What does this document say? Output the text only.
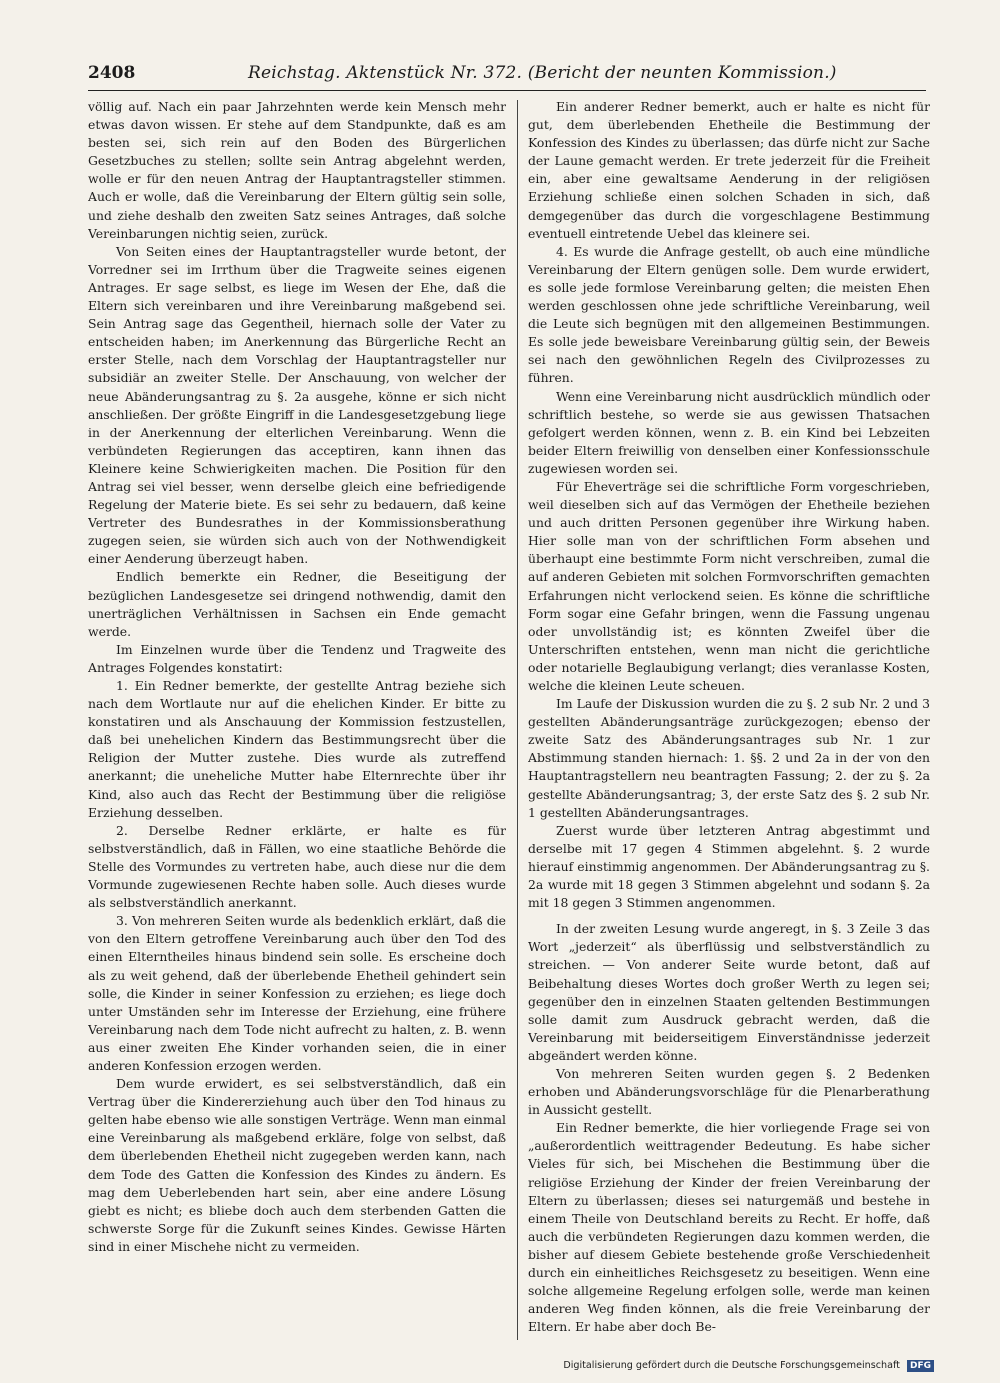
2408	Reichstag. Aktenstück Nr. 372. (Bericht der neunten Kommission.)

völlig auf. Nach ein paar Jahrzehnten werde kein Mensch mehr etwas davon wissen. Er stehe auf dem Standpunkte, daß es am besten sei, sich rein auf den Boden des Bürgerlichen Gesetzbuches zu stellen; sollte sein Antrag abgelehnt werden, wolle er für den neuen Antrag der Hauptantragsteller stimmen. Auch er wolle, daß die Vereinbarung der Eltern gültig sein solle, und ziehe deshalb den zweiten Satz seines Antrages, daß solche Vereinbarungen nichtig seien, zurück.

Von Seiten eines der Hauptantragsteller wurde betont, der Vorredner sei im Irrthum über die Tragweite seines eigenen Antrages. Er sage selbst, es liege im Wesen der Ehe, daß die Eltern sich vereinbaren und ihre Vereinbarung maßgebend sei. Sein Antrag sage das Gegentheil, hiernach solle der Vater zu entscheiden haben; im Anerkennung das Bürgerliche Recht an erster Stelle, nach dem Vorschlag der Hauptantragsteller nur subsidiär an zweiter Stelle. Der Anschauung, von welcher der neue Abänderungsantrag zu §. 2a ausgehe, könne er sich nicht anschließen. Der größte Eingriff in die Landesgesetzgebung liege in der Anerkennung der elterlichen Vereinbarung. Wenn die verbündeten Regierungen das acceptiren, kann ihnen das Kleinere keine Schwierigkeiten machen. Die Position für den Antrag sei viel besser, wenn derselbe gleich eine befriedigende Regelung der Materie biete. Es sei sehr zu bedauern, daß keine Vertreter des Bundesrathes in der Kommissionsberathung zugegen seien, sie würden sich auch von der Nothwendigkeit einer Aenderung überzeugt haben.

Endlich bemerkte ein Redner, die Beseitigung der bezüglichen Landesgesetze sei dringend nothwendig, damit den unerträglichen Verhältnissen in Sachsen ein Ende gemacht werde.

Im Einzelnen wurde über die Tendenz und Tragweite des Antrages Folgendes konstatirt:

1. Ein Redner bemerkte, der gestellte Antrag beziehe sich nach dem Wortlaute nur auf die ehelichen Kinder. Er bitte zu konstatiren und als Anschauung der Kommission festzustellen, daß bei unehelichen Kindern das Bestimmungsrecht über die Religion der Mutter zustehe. Dies wurde als zutreffend anerkannt; die uneheliche Mutter habe Elternrechte über ihr Kind, also auch das Recht der Bestimmung über die religiöse Erziehung desselben.

2. Derselbe Redner erklärte, er halte es für selbstverständlich, daß in Fällen, wo eine staatliche Behörde die Stelle des Vormundes zu vertreten habe, auch diese nur die dem Vormunde zugewiesenen Rechte haben solle. Auch dieses wurde als selbstverständlich anerkannt.

3. Von mehreren Seiten wurde als bedenklich erklärt, daß die von den Eltern getroffene Vereinbarung auch über den Tod des einen Elterntheiles hinaus bindend sein solle. Es erscheine doch als zu weit gehend, daß der überlebende Ehetheil gehindert sein solle, die Kinder in seiner Konfession zu erziehen; es liege doch unter Umständen sehr im Interesse der Erziehung, eine frühere Vereinbarung nach dem Tode nicht aufrecht zu halten, z. B. wenn aus einer zweiten Ehe Kinder vorhanden seien, die in einer anderen Konfession erzogen werden.

Dem wurde erwidert, es sei selbstverständlich, daß ein Vertrag über die Kindererziehung auch über den Tod hinaus zu gelten habe ebenso wie alle sonstigen Verträge. Wenn man einmal eine Vereinbarung als maßgebend erkläre, folge von selbst, daß dem überlebenden Ehetheil nicht zugegeben werden kann, nach dem Tode des Gatten die Konfession des Kindes zu ändern. Es mag dem Ueberlebenden hart sein, aber eine andere Lösung giebt es nicht; es bliebe doch auch dem sterbenden Gatten die schwerste Sorge für die Zukunft seines Kindes. Gewisse Härten sind in einer Mischehe nicht zu vermeiden.

Ein anderer Redner bemerkt, auch er halte es nicht für gut, dem überlebenden Ehetheile die Bestimmung der Konfession des Kindes zu überlassen; das dürfe nicht zur Sache der Laune gemacht werden. Er trete jederzeit für die Freiheit ein, aber eine gewaltsame Aenderung in der religiösen Erziehung schließe einen solchen Schaden in sich, daß demgegenüber das durch die vorgeschlagene Bestimmung eventuell eintretende Uebel das kleinere sei.

4. Es wurde die Anfrage gestellt, ob auch eine mündliche Vereinbarung der Eltern genügen solle. Dem wurde erwidert, es solle jede formlose Vereinbarung gelten; die meisten Ehen werden geschlossen ohne jede schriftliche Vereinbarung, weil die Leute sich begnügen mit den allgemeinen Bestimmungen. Es solle jede beweisbare Vereinbarung gültig sein, der Beweis sei nach den gewöhnlichen Regeln des Civilprozesses zu führen.

Wenn eine Vereinbarung nicht ausdrücklich mündlich oder schriftlich bestehe, so werde sie aus gewissen Thatsachen gefolgert werden können, wenn z. B. ein Kind bei Lebzeiten beider Eltern freiwillig von denselben einer Konfessionsschule zugewiesen worden sei.

Für Eheverträge sei die schriftliche Form vorgeschrieben, weil dieselben sich auf das Vermögen der Ehetheile beziehen und auch dritten Personen gegenüber ihre Wirkung haben. Hier solle man von der schriftlichen Form absehen und überhaupt eine bestimmte Form nicht verschreiben, zumal die auf anderen Gebieten mit solchen Formvorschriften gemachten Erfahrungen nicht verlockend seien. Es könne die schriftliche Form sogar eine Gefahr bringen, wenn die Fassung ungenau oder unvollständig ist; es könnten Zweifel über die Unterschriften entstehen, wenn man nicht die gerichtliche oder notarielle Beglaubigung verlangt; dies veranlasse Kosten, welche die kleinen Leute scheuen.

Im Laufe der Diskussion wurden die zu §. 2 sub Nr. 2 und 3 gestellten Abänderungsanträge zurückgezogen; ebenso der zweite Satz des Abänderungsantrages sub Nr. 1 zur Abstimmung standen hiernach: 1. §§. 2 und 2a in der von den Hauptantragstellern neu beantragten Fassung; 2. der zu §. 2a gestellte Abänderungsantrag; 3, der erste Satz des §. 2 sub Nr. 1 gestellten Abänderungsantrages.

Zuerst wurde über letzteren Antrag abgestimmt und derselbe mit 17 gegen 4 Stimmen abgelehnt. §. 2 wurde hierauf einstimmig angenommen. Der Abänderungsantrag zu §. 2a wurde mit 18 gegen 3 Stimmen abgelehnt und sodann §. 2a mit 18 gegen 3 Stimmen angenommen.

In der zweiten Lesung wurde angeregt, in §. 3 Zeile 3 das Wort „jederzeit“ als überflüssig und selbstverständlich zu streichen. — Von anderer Seite wurde betont, daß auf Beibehaltung dieses Wortes doch großer Werth zu legen sei; gegenüber den in einzelnen Staaten geltenden Bestimmungen solle damit zum Ausdruck gebracht werden, daß die Vereinbarung mit beiderseitigem Einverständnisse jederzeit abgeändert werden könne.

Von mehreren Seiten wurden gegen §. 2 Bedenken erhoben und Abänderungsvorschläge für die Plenarberathung in Aussicht gestellt.

Ein Redner bemerkte, die hier vorliegende Frage sei von „außerordentlich weittragender Bedeutung. Es habe sicher Vieles für sich, bei Mischehen die Bestimmung über die religiöse Erziehung der Kinder der freien Vereinbarung der Eltern zu überlassen; dieses sei naturgemäß und bestehe in einem Theile von Deutschland bereits zu Recht. Er hoffe, daß auch die verbündeten Regierungen dazu kommen werden, die bisher auf diesem Gebiete bestehende große Verschiedenheit durch ein einheitliches Reichsgesetz zu beseitigen. Wenn eine solche allgemeine Regelung erfolgen solle, werde man keinen anderen Weg finden können, als die freie Vereinbarung der Eltern. Er habe aber doch Be-

Digitalisierung gefördert durch die Deutsche Forschungsgemeinschaft DFG
